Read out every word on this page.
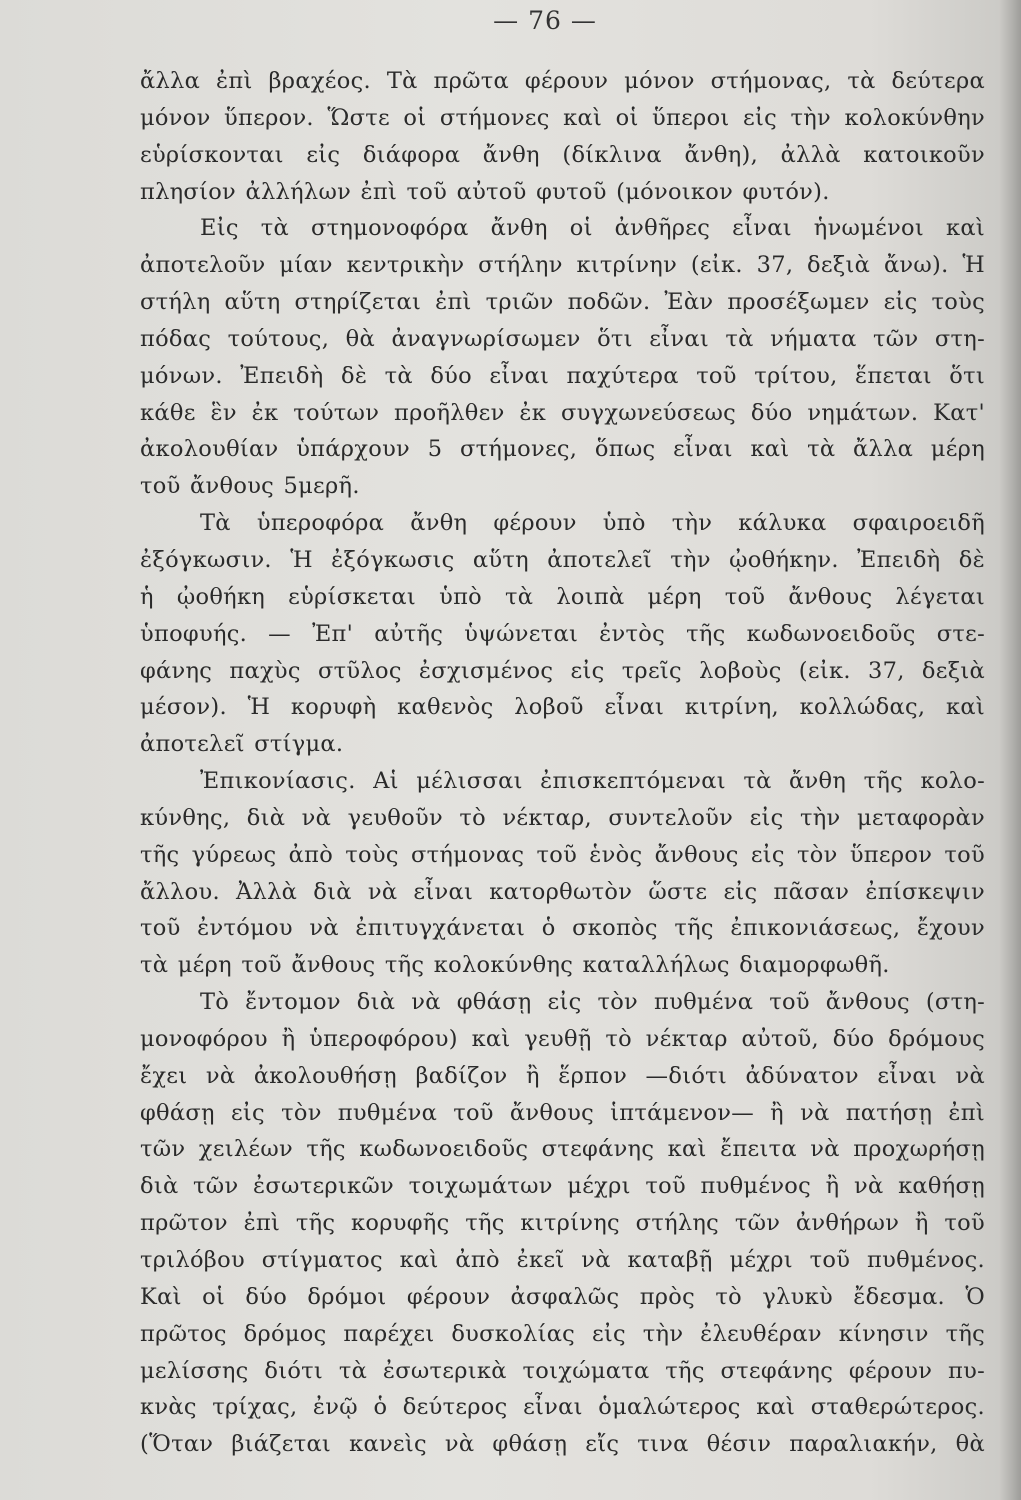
— 76 —
ἄλλα ἐπὶ βραχέος. Τὰ πρῶτα φέρουν μόνον στήμονας, τὰ δεύτερα
μόνον ὕπερον. Ὥστε οἱ στήμονες καὶ οἱ ὕπεροι εἰς τὴν κολοκύνθην
εὑρίσκονται εἰς διάφορα ἄνθη (δίκλινα ἄνθη), ἀλλὰ κατοικοῦν
πλησίον ἀλλήλων ἐπὶ τοῦ αὐτοῦ φυτοῦ (μόνοικον φυτόν).
Εἰς τὰ στημονοφόρα ἄνθη οἱ ἀνθῆρες εἶναι ἡνωμένοι καὶ
ἀποτελοῦν μίαν κεντρικὴν στήλην κιτρίνην (εἰκ. 37, δεξιὰ ἄνω). Ἡ
στήλη αὕτη στηρίζεται ἐπὶ τριῶν ποδῶν. Ἐὰν προσέξωμεν εἰς τοὺς
πόδας τούτους, θὰ ἀναγνωρίσωμεν ὅτι εἶναι τὰ νήματα τῶν στη-
μόνων. Ἐπειδὴ δὲ τὰ δύο εἶναι παχύτερα τοῦ τρίτου, ἕπεται ὅτι
κάθε ἓν ἐκ τούτων προῆλθεν ἐκ συγχωνεύσεως δύο νημάτων. Κατ'
ἀκολουθίαν ὑπάρχουν 5 στήμονες, ὅπως εἶναι καὶ τὰ ἄλλα μέρη
τοῦ ἄνθους 5μερῆ.
Τὰ ὑπεροφόρα ἄνθη φέρουν ὑπὸ τὴν κάλυκα σφαιροειδῆ
ἐξόγκωσιν. Ἡ ἐξόγκωσις αὕτη ἀποτελεῖ τὴν ᾠοθήκην. Ἐπειδὴ δὲ
ἡ ᾠοθήκη εὑρίσκεται ὑπὸ τὰ λοιπὰ μέρη τοῦ ἄνθους λέγεται
ὑποφυής. — Ἐπ' αὐτῆς ὑψώνεται ἐντὸς τῆς κωδωνοειδοῦς στε-
φάνης παχὺς στῦλος ἐσχισμένος εἰς τρεῖς λοβοὺς (εἰκ. 37, δεξιὰ
μέσον). Ἡ κορυφὴ καθενὸς λοβοῦ εἶναι κιτρίνη, κολλώδας, καὶ
ἀποτελεῖ στίγμα.
Ἐπικονίασις. Αἱ μέλισσαι ἐπισκεπτόμεναι τὰ ἄνθη τῆς κολο-
κύνθης, διὰ νὰ γευθοῦν τὸ νέκταρ, συντελοῦν εἰς τὴν μεταφορὰν
τῆς γύρεως ἀπὸ τοὺς στήμονας τοῦ ἑνὸς ἄνθους εἰς τὸν ὕπερον τοῦ
ἄλλου. Ἀλλὰ διὰ νὰ εἶναι κατορθωτὸν ὥστε εἰς πᾶσαν ἐπίσκεψιν
τοῦ ἐντόμου νὰ ἐπιτυγχάνεται ὁ σκοπὸς τῆς ἐπικονιάσεως, ἔχουν
τὰ μέρη τοῦ ἄνθους τῆς κολοκύνθης καταλλήλως διαμορφωθῆ.
Τὸ ἔντομον διὰ νὰ φθάσῃ εἰς τὸν πυθμένα τοῦ ἄνθους (στη-
μονοφόρου ἢ ὑπεροφόρου) καὶ γευθῇ τὸ νέκταρ αὐτοῦ, δύο δρόμους
ἔχει νὰ ἀκολουθήσῃ βαδίζον ἢ ἕρπον —διότι ἀδύνατον εἶναι νὰ
φθάσῃ εἰς τὸν πυθμένα τοῦ ἄνθους ἱπτάμενον— ἢ νὰ πατήσῃ ἐπὶ
τῶν χειλέων τῆς κωδωνοειδοῦς στεφάνης καὶ ἔπειτα νὰ προχωρήσῃ
διὰ τῶν ἐσωτερικῶν τοιχωμάτων μέχρι τοῦ πυθμένος ἢ νὰ καθήσῃ
πρῶτον ἐπὶ τῆς κορυφῆς τῆς κιτρίνης στήλης τῶν ἀνθήρων ἢ τοῦ
τριλόβου στίγματος καὶ ἀπὸ ἐκεῖ νὰ καταβῇ μέχρι τοῦ πυθμένος.
Καὶ οἱ δύο δρόμοι φέρουν ἀσφαλῶς πρὸς τὸ γλυκὺ ἔδεσμα. Ὁ
πρῶτος δρόμος παρέχει δυσκολίας εἰς τὴν ἐλευθέραν κίνησιν τῆς
μελίσσης διότι τὰ ἐσωτερικὰ τοιχώματα τῆς στεφάνης φέρουν πυ-
κνὰς τρίχας, ἐνῷ ὁ δεύτερος εἶναι ὁμαλώτερος καὶ σταθερώτερος.
(Ὅταν βιάζεται κανεὶς νὰ φθάσῃ εἴς τινα θέσιν παραλιακήν, θὰ
